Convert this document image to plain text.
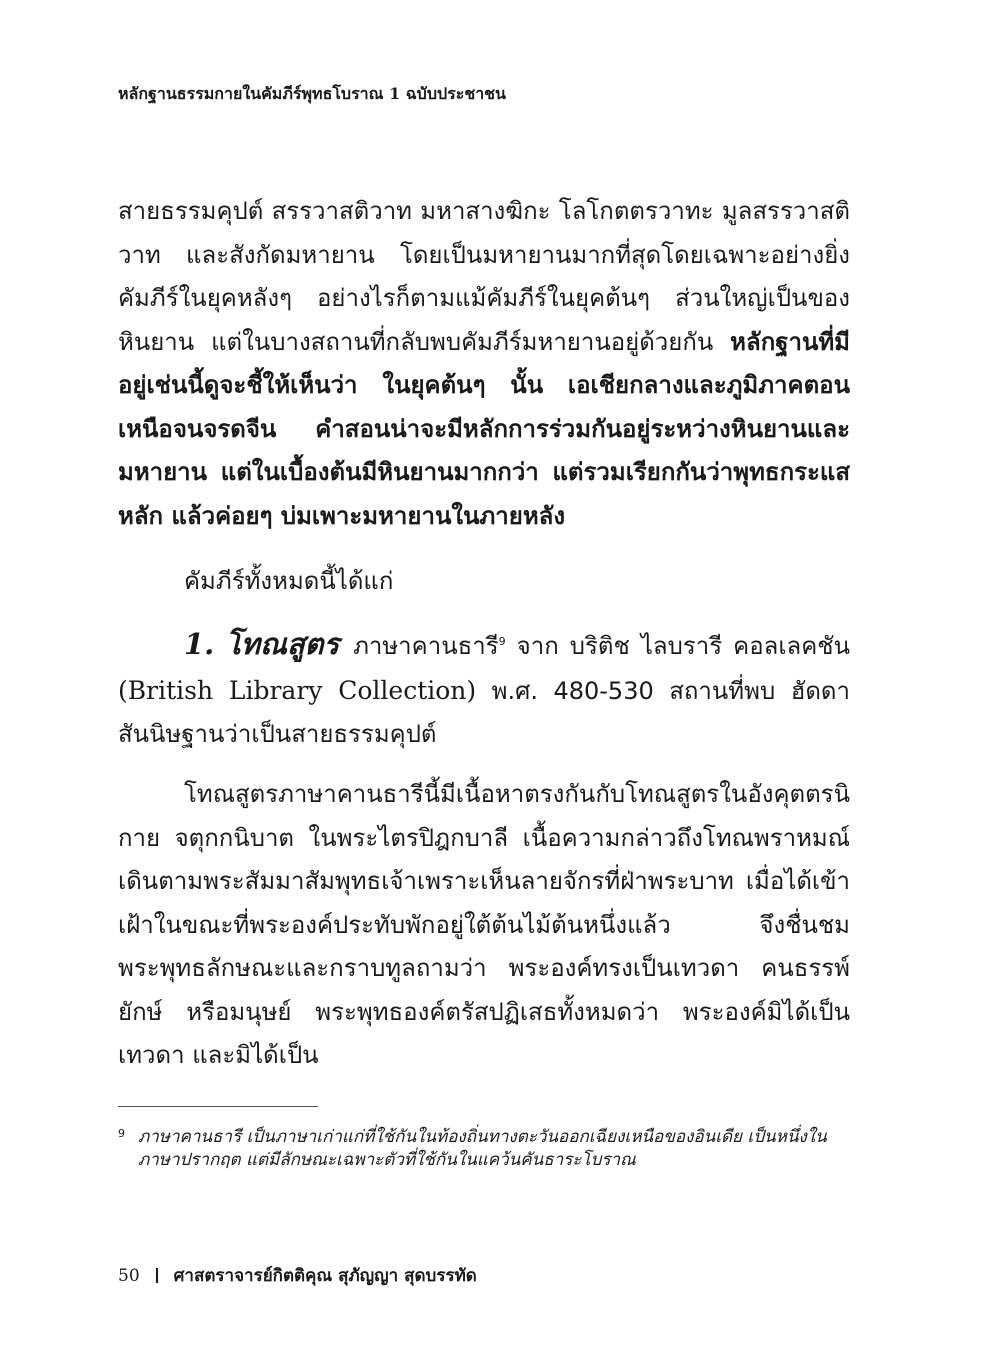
หลักฐานธรรมกายในคัมภีร์พุทธโบราณ 1 ฉบับประชาชน

สายธรรมคุปต์ สรรวาสติวาท มหาสางฆิกะ โลโกตตรวาทะ มูลสรรวาสติวาท และสังกัดมหายาน โดยเป็นมหายานมากที่สุดโดยเฉพาะอย่างยิ่งคัมภีร์ในยุคหลังๆ อย่างไรก็ตามแม้คัมภีร์ในยุคต้นๆ ส่วนใหญ่เป็นของหินยาน แต่ในบางสถานที่กลับพบคัมภีร์มหายานอยู่ด้วยกัน หลักฐานที่มีอยู่เช่นนี้ดูจะชี้ให้เห็นว่า ในยุคต้นๆ นั้น เอเชียกลางและภูมิภาคตอนเหนือจนจรดจีน คำสอนน่าจะมีหลักการร่วมกันอยู่ระหว่างหินยานและมหายาน แต่ในเบื้องต้นมีหินยานมากกว่า แต่รวมเรียกกันว่าพุทธกระแสหลัก แล้วค่อยๆ บ่มเพาะมหายานในภายหลัง

คัมภีร์ทั้งหมดนี้ได้แก่

1. โทณสูตร ภาษาคานธารี$^9$ จาก บริติช ไลบรารี คอลเลคชัน (British Library Collection) พ.ศ. 480-530 สถานที่พบ ฮัดดา สันนิษฐานว่าเป็นสายธรรมคุปต์

โทณสูตรภาษาคานธารีนี้มีเนื้อหาตรงกันกับโทณสูตรในอังคุตตรนิกาย จตุกกนิบาต ในพระไตรปิฎกบาลี เนื้อความกล่าวถึงโทณพราหมณ์เดินตามพระสัมมาสัมพุทธเจ้าเพราะเห็นลายจักรที่ฝ่าพระบาท เมื่อได้เข้าเฝ้าในขณะที่พระองค์ประทับพักอยู่ใต้ต้นไม้ต้นหนึ่งแล้ว จึงชื่นชมพระพุทธลักษณะและกราบทูลถามว่า พระองค์ทรงเป็นเทวดา คนธรรพ์ ยักษ์ หรือมนุษย์ พระพุทธองค์ตรัสปฏิเสธทั้งหมดว่า พระองค์มิได้เป็นเทวดา และมิได้เป็น

9 ภาษาคานธารี เป็นภาษาเก่าแก่ที่ใช้กันในท้องถิ่นทางตะวันออกเฉียงเหนือของอินเดีย เป็นหนึ่งในภาษาปรากฤต แต่มีลักษณะเฉพาะตัวที่ใช้กันในแคว้นคันธาระโบราณ
50 ศาสตราจารย์กิตติคุณ สุภัญญา สุดบรรทัด
